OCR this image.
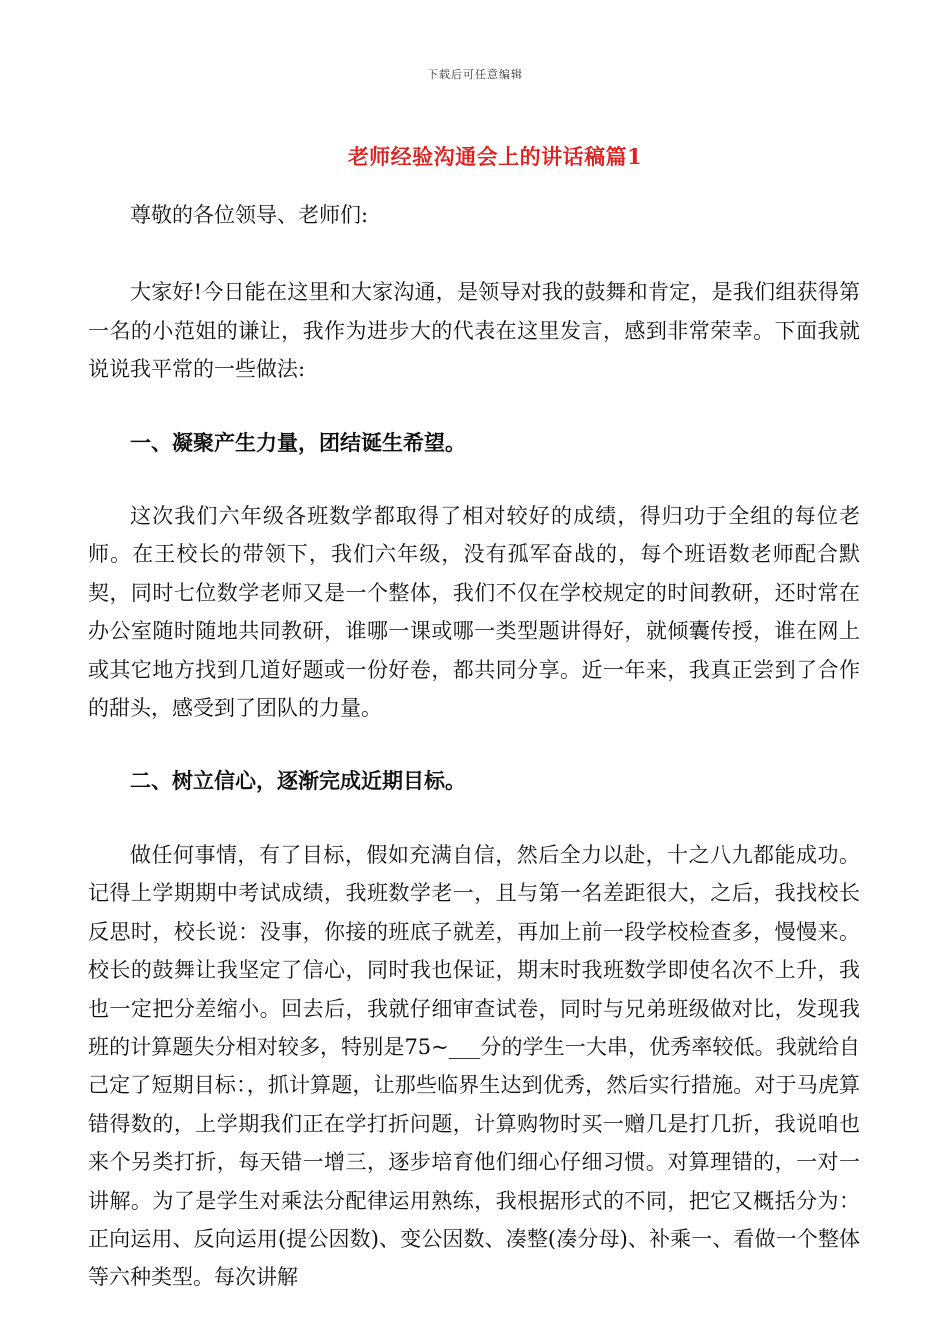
下载后可任意编辑
老师经验沟通会上的讲话稿篇1

尊敬的各位领导、老师们:

大家好!今日能在这里和大家沟通，是领导对我的鼓舞和肯定，是我们组获得第一名的小范姐的谦让，我作为进步大的代表在这里发言，感到非常荣幸。下面我就说说我平常的一些做法:

一、凝聚产生力量，团结诞生希望。

这次我们六年级各班数学都取得了相对较好的成绩，得归功于全组的每位老师。在王校长的带领下，我们六年级，没有孤军奋战的，每个班语数老师配合默契，同时七位数学老师又是一个整体，我们不仅在学校规定的时间教研，还时常在办公室随时随地共同教研，谁哪一课或哪一类型题讲得好，就倾囊传授，谁在网上或其它地方找到几道好题或一份好卷，都共同分享。近一年来，我真正尝到了合作的甜头，感受到了团队的力量。

二、树立信心，逐渐完成近期目标。

做任何事情，有了目标，假如充满自信，然后全力以赴，十之八九都能成功。记得上学期期中考试成绩，我班数学老一，且与第一名差距很大，之后，我找校长反思时，校长说：没事，你接的班底子就差，再加上前一段学校检查多，慢慢来。校长的鼓舞让我坚定了信心，同时我也保证，期末时我班数学即使名次不上升，我也一定把分差缩小。回去后，我就仔细审查试卷，同时与兄弟班级做对比，发现我班的计算题失分相对较多，特别是75~___分的学生一大串，优秀率较低。我就给自己定了短期目标：，抓计算题，让那些临界生达到优秀，然后实行措施。对于马虎算错得数的，上学期我们正在学打折问题，计算购物时买一赠几是打几折，我说咱也来个另类打折，每天错一增三，逐步培育他们细心仔细习惯。对算理错的，一对一讲解。为了是学生对乘法分配律运用熟练，我根据形式的不同，把它又概括分为：正向运用、反向运用(提公因数)、变公因数、凑整(凑分母)、补乘一、看做一个整体等六种类型。每次讲解
